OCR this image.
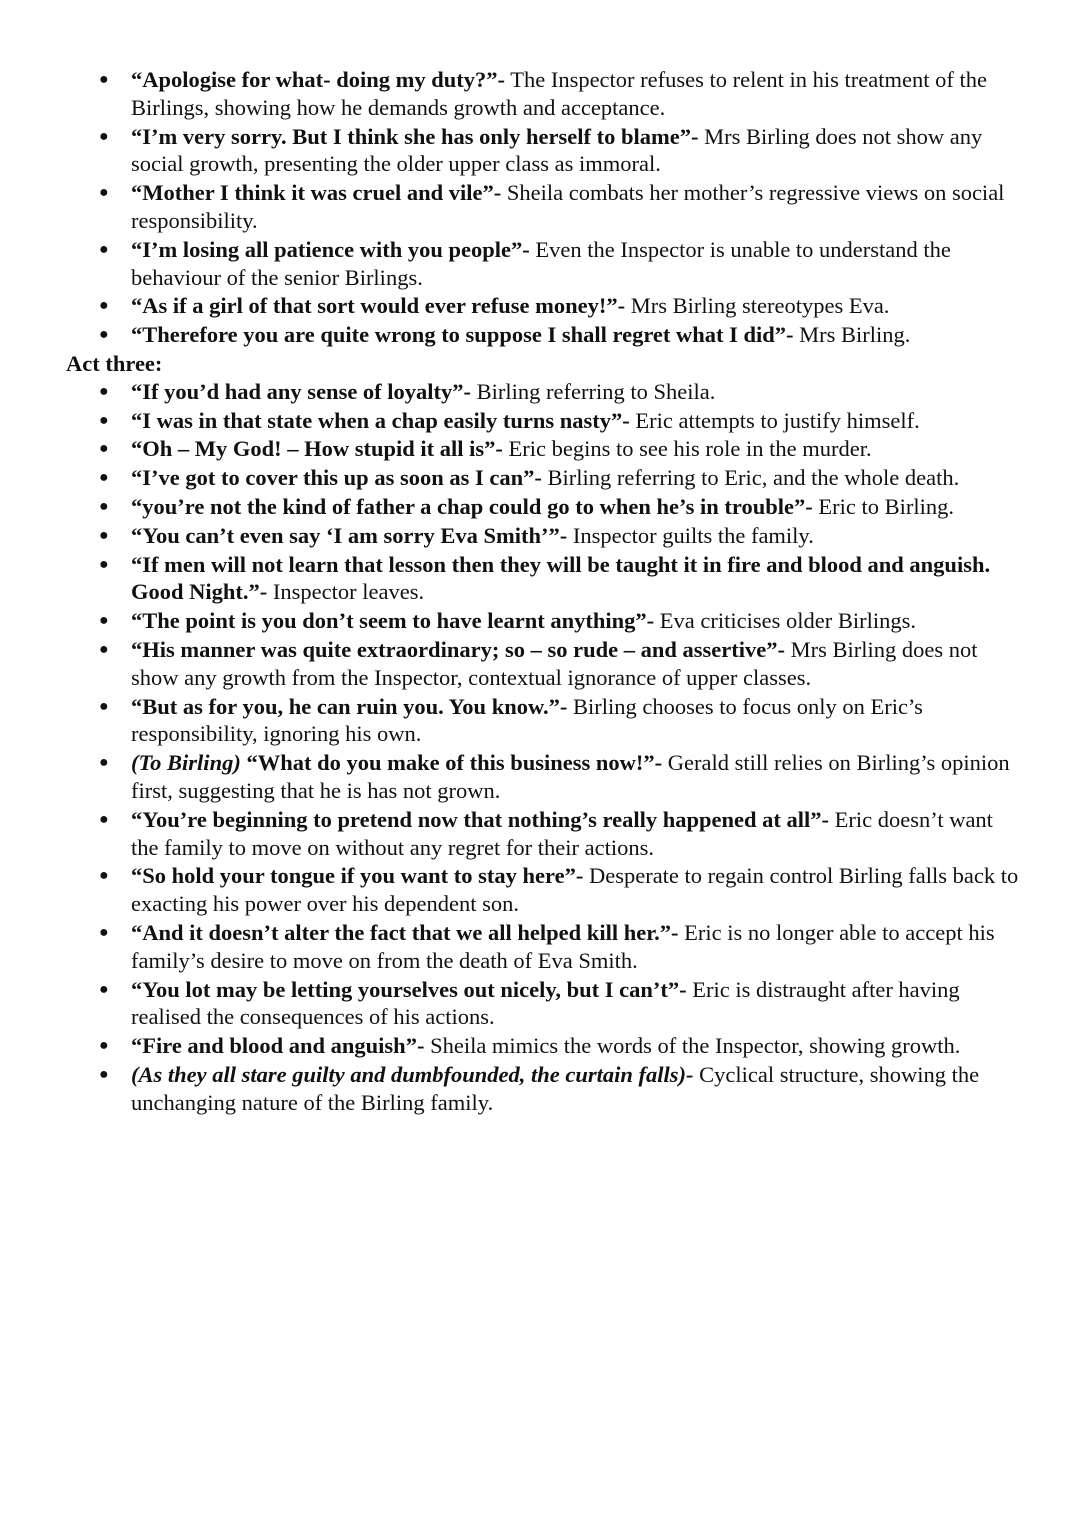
● “Apologise for what- doing my duty?”- The Inspector refuses to relent in his treatment of the Birlings, showing how he demands growth and acceptance.
● “I’m very sorry. But I think she has only herself to blame”- Mrs Birling does not show any social growth, presenting the older upper class as immoral.
● “Mother I think it was cruel and vile”- Sheila combats her mother’s regressive views on social responsibility.
● “I’m losing all patience with you people”- Even the Inspector is unable to understand the behaviour of the senior Birlings.
● “As if a girl of that sort would ever refuse money!”- Mrs Birling stereotypes Eva.
● “Therefore you are quite wrong to suppose I shall regret what I did”- Mrs Birling.
Act three:
● “If you’d had any sense of loyalty”- Birling referring to Sheila.
● “I was in that state when a chap easily turns nasty”- Eric attempts to justify himself.
● “Oh – My God! – How stupid it all is”- Eric begins to see his role in the murder.
● “I’ve got to cover this up as soon as I can”- Birling referring to Eric, and the whole death.
● “you’re not the kind of father a chap could go to when he’s in trouble”- Eric to Birling.
● “You can’t even say ‘I am sorry Eva Smith’”- Inspector guilts the family.
● “If men will not learn that lesson then they will be taught it in fire and blood and anguish. Good Night.”- Inspector leaves.
● “The point is you don’t seem to have learnt anything”- Eva criticises older Birlings.
● “His manner was quite extraordinary; so – so rude – and assertive”- Mrs Birling does not show any growth from the Inspector, contextual ignorance of upper classes.
● “But as for you, he can ruin you. You know.”- Birling chooses to focus only on Eric’s responsibility, ignoring his own.
● (To Birling) “What do you make of this business now!”- Gerald still relies on Birling’s opinion first, suggesting that he is has not grown.
● “You’re beginning to pretend now that nothing’s really happened at all”- Eric doesn’t want the family to move on without any regret for their actions.
● “So hold your tongue if you want to stay here”- Desperate to regain control Birling falls back to exacting his power over his dependent son.
● “And it doesn’t alter the fact that we all helped kill her.”- Eric is no longer able to accept his family’s desire to move on from the death of Eva Smith.
● “You lot may be letting yourselves out nicely, but I can’t”- Eric is distraught after having realised the consequences of his actions.
● “Fire and blood and anguish”- Sheila mimics the words of the Inspector, showing growth.
● (As they all stare guilty and dumbfounded, the curtain falls)- Cyclical structure, showing the unchanging nature of the Birling family.
